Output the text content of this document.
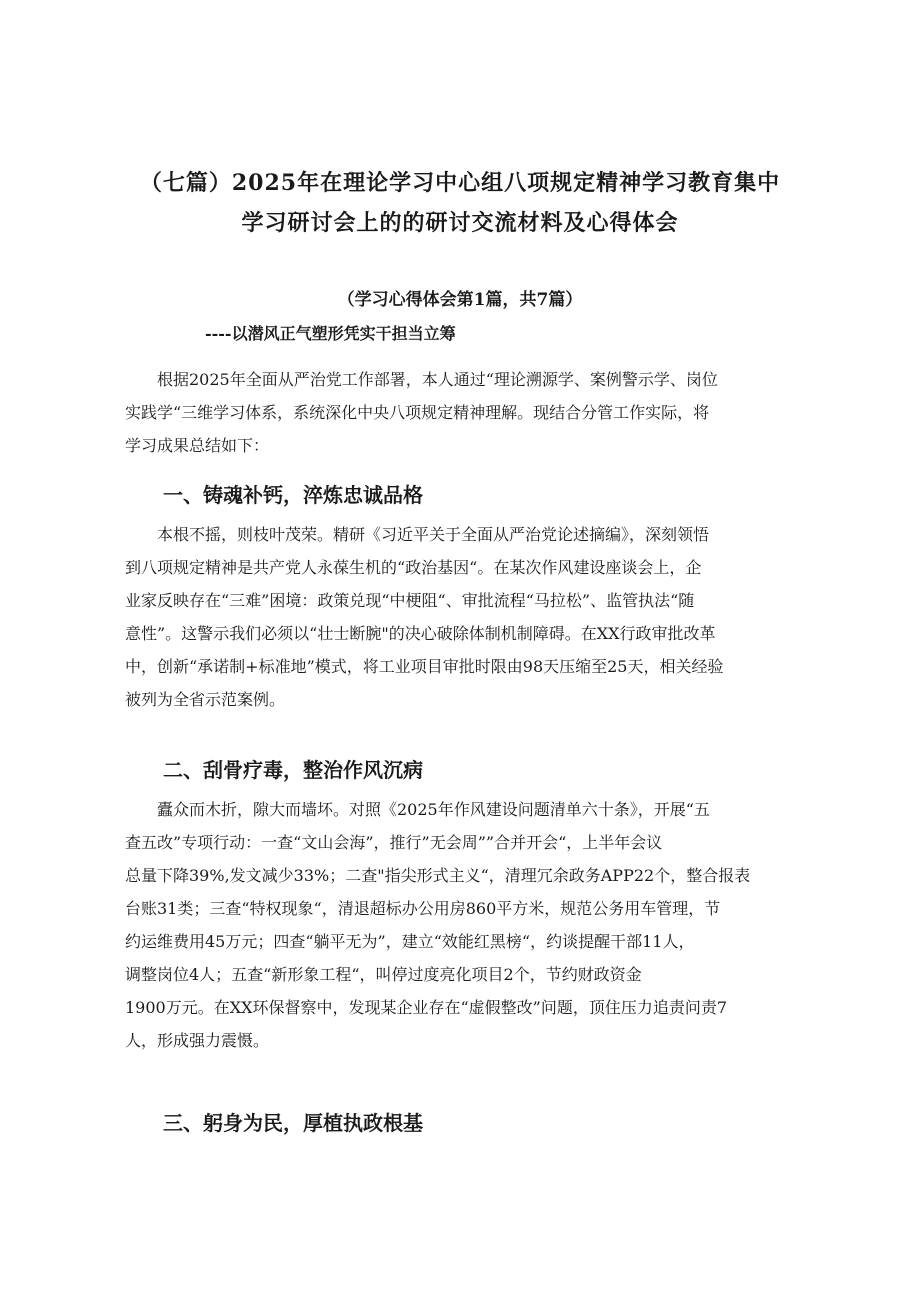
（七篇）2025年在理论学习中心组八项规定精神学习教育集中
学习研讨会上的的研讨交流材料及心得体会
（学习心得体会第1篇，共7篇）
----以潜风正气塑形凭实干担当立筹
　　根据2025年全面从严治党工作部署，本人通过“理论溯源学、案例警示学、岗位
实践学“三维学习体系，系统深化中央八项规定精神理解。现结合分管工作实际，将
学习成果总结如下：
一、铸魂补钙，淬炼忠诚品格
　　本根不摇，则枝叶茂荣。精研《习近平关于全面从严治党论述摘编》，深刻领悟
到八项规定精神是共产党人永葆生机的“政治基因“。在某次作风建设座谈会上，企
业家反映存在“三难”困境：政策兑现“中梗阻“、审批流程“马拉松”、监管执法“随
意性”。这警示我们必须以“壮士断腕"的决心破除体制机制障碍。在XX行政审批改革
中，创新“承诺制+标准地”模式，将工业项目审批时限由98天压缩至25天，相关经验
被列为全省示范案例。
二、刮骨疗毒，整治作风沉病
　　蠹众而木折，隙大而墙坏。对照《2025年作风建设问题清单六十条》，开展“五
查五改”专项行动：一查“文山会海”，推行”无会周””合并开会“，上半年会议
总量下降39%,发文减少33%；二查"指尖形式主义“，清理冗余政务APP22个，整合报表
台账31类；三查“特权现象“，清退超标办公用房860平方米，规范公务用车管理，节
约运维费用45万元；四查“躺平无为”，建立“效能红黑榜“，约谈提醒干部11人，
调整岗位4人；五查“新形象工程“，叫停过度亮化项目2个，节约财政资金
1900万元。在XX环保督察中，发现某企业存在“虚假整改”问题，顶住压力追责问责7
人，形成强力震慑。
三、躬身为民，厚植执政根基
